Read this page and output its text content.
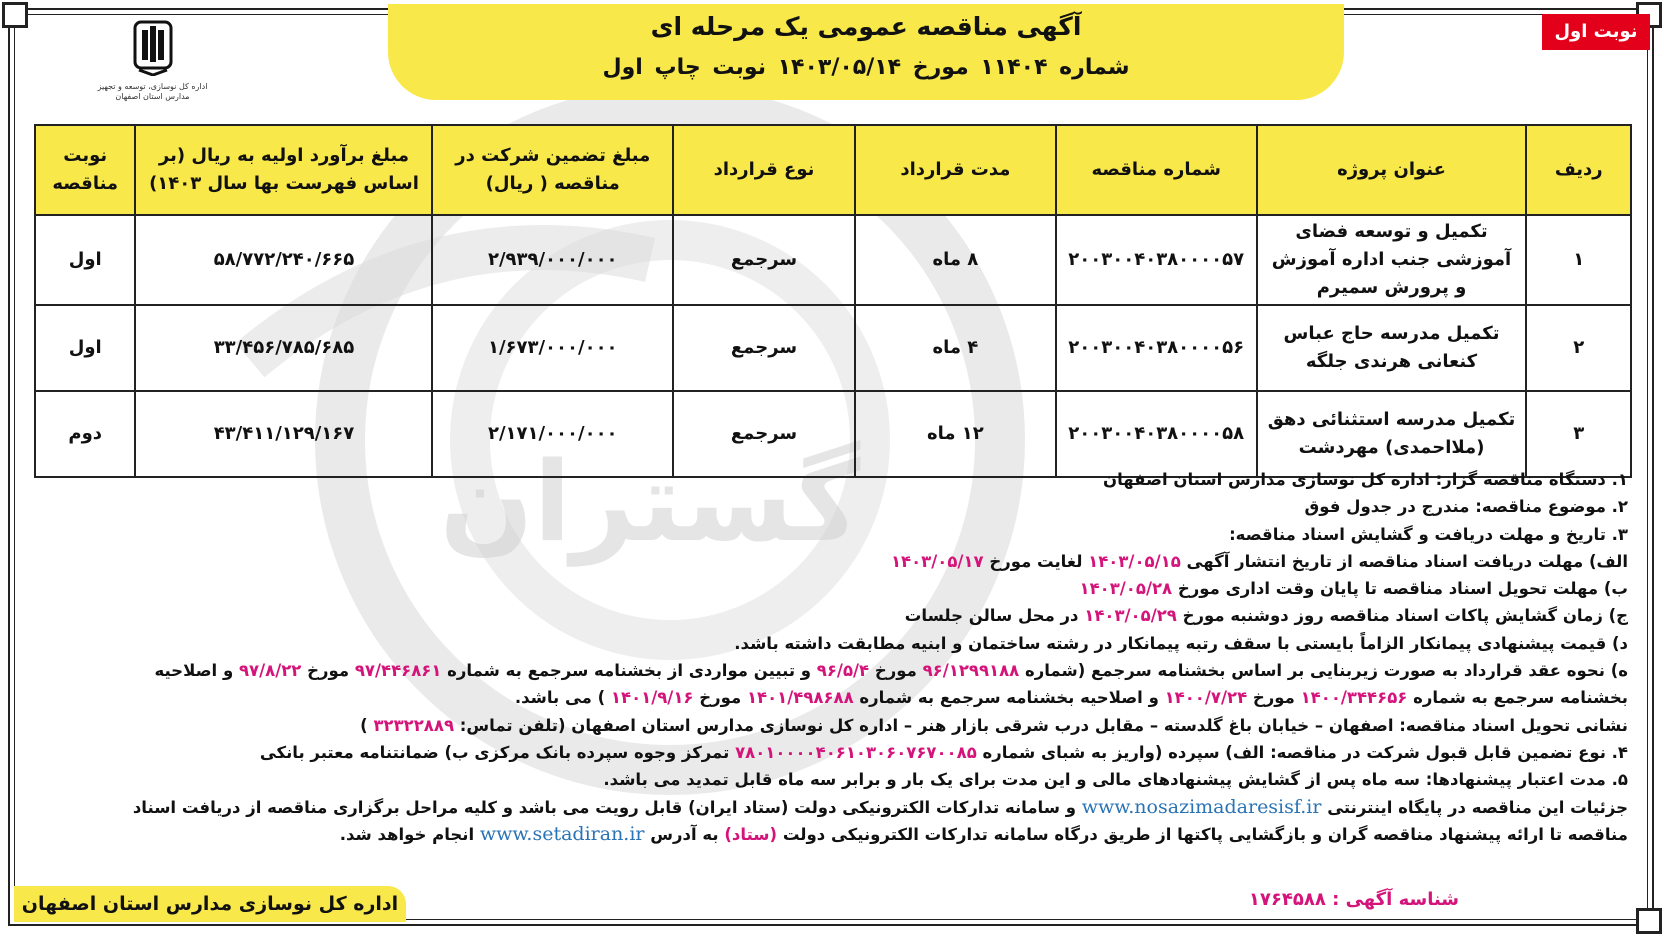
گستران
نوبت اول
آگهی مناقصه عمومی یک مرحله ای
شماره ۱۱۴۰۴ مورخ ۱۴۰۳/۰۵/۱۴ نوبت چاپ اول
اداره کل نوسازی، توسعه و تجهیز مدارس استان اصفهان
ردیف	عنوان پروژه	شماره مناقصه	مدت قرارداد	نوع قرارداد	مبلغ تضمین شرکت در مناقصه ( ریال)	مبلغ برآورد اولیه به ریال (بر اساس فهرست بها سال ۱۴۰۳)	نوبت مناقصه
۱	تکمیل و توسعه فضای آموزشی جنب اداره آموزش و پرورش سمیرم	۲۰۰۳۰۰۴۰۳۸۰۰۰۰۵۷	۸ ماه	سرجمع	۲/۹۳۹/۰۰۰/۰۰۰	۵۸/۷۷۲/۲۴۰/۶۶۵	اول
۲	تکمیل مدرسه حاج عباس کنعانی هرندی جلگه	۲۰۰۳۰۰۴۰۳۸۰۰۰۰۵۶	۴ ماه	سرجمع	۱/۶۷۳/۰۰۰/۰۰۰	۳۳/۴۵۶/۷۸۵/۶۸۵	اول
۳	تکمیل مدرسه استثنائی دهق (ملااحمدی) مهردشت	۲۰۰۳۰۰۴۰۳۸۰۰۰۰۵۸	۱۲ ماه	سرجمع	۲/۱۷۱/۰۰۰/۰۰۰	۴۳/۴۱۱/۱۲۹/۱۶۷	دوم
۱. دستگاه مناقصه گزار: اداره کل نوسازی مدارس استان اصفهان
۲. موضوع مناقصه: مندرج در جدول فوق
۳. تاریخ و مهلت دریافت و گشایش اسناد مناقصه:
الف) مهلت دریافت اسناد مناقصه از تاریخ انتشار آگهی ۱۴۰۳/۰۵/۱۵ لغایت مورخ ۱۴۰۳/۰۵/۱۷
ب) مهلت تحویل اسناد مناقصه تا پایان وقت اداری مورخ ۱۴۰۳/۰۵/۲۸
ج) زمان گشایش پاکات اسناد مناقصه روز دوشنبه مورخ ۱۴۰۳/۰۵/۲۹ در محل سالن جلسات
د) قیمت پیشنهادی پیمانکار الزاماً بایستی با سقف رتبه پیمانکار در رشته ساختمان و ابنیه مطابقت داشته باشد.
ه) نحوه عقد قرارداد به صورت زیربنایی بر اساس بخشنامه سرجمع (شماره ۹۶/۱۲۹۹۱۸۸ مورخ ۹۶/۵/۴ و تبیین مواردی از بخشنامه سرجمع به شماره ۹۷/۴۴۶۸۶۱ مورخ ۹۷/۸/۲۲ و اصلاحیه
بخشنامه سرجمع به شماره ۱۴۰۰/۳۴۴۶۵۶ مورخ ۱۴۰۰/۷/۲۴ و اصلاحیه بخشنامه سرجمع به شماره ۱۴۰۱/۴۹۸۶۸۸ مورخ ۱۴۰۱/۹/۱۶ ) می باشد.
نشانی تحویل اسناد مناقصه: اصفهان – خیابان باغ گلدسته – مقابل درب شرقی بازار هنر – اداره کل نوسازی مدارس استان اصفهان (تلفن تماس: ۳۲۳۲۲۸۸۹ )
۴. نوع تضمین قابل قبول شرکت در مناقصه: الف) سپرده (واریز به شبای شماره ۷۸۰۱۰۰۰۰۴۰۶۱۰۳۰۶۰۷۶۷۰۰۸۵ تمرکز وجوه سپرده بانک مرکزی ب) ضمانتنامه معتبر بانکی
۵. مدت اعتبار پیشنهادها: سه ماه پس از گشایش پیشنهادهای مالی و این مدت برای یک بار و برابر سه ماه قابل تمدید می باشد.
جزئیات این مناقصه در پایگاه اینترنتی www.nosazimadaresisf.ir و سامانه تدارکات الکترونیکی دولت (ستاد ایران) قابل رویت می باشد و کلیه مراحل برگزاری مناقصه از دریافت اسناد
مناقصه تا ارائه پیشنهاد مناقصه گران و بازگشایی پاکتها از طریق درگاه سامانه تدارکات الکترونیکی دولت (ستاد) به آدرس www.setadiran.ir انجام خواهد شد.
شناسه آگهی : ۱۷۶۴۵۸۸
اداره کل نوسازی مدارس استان اصفهان
